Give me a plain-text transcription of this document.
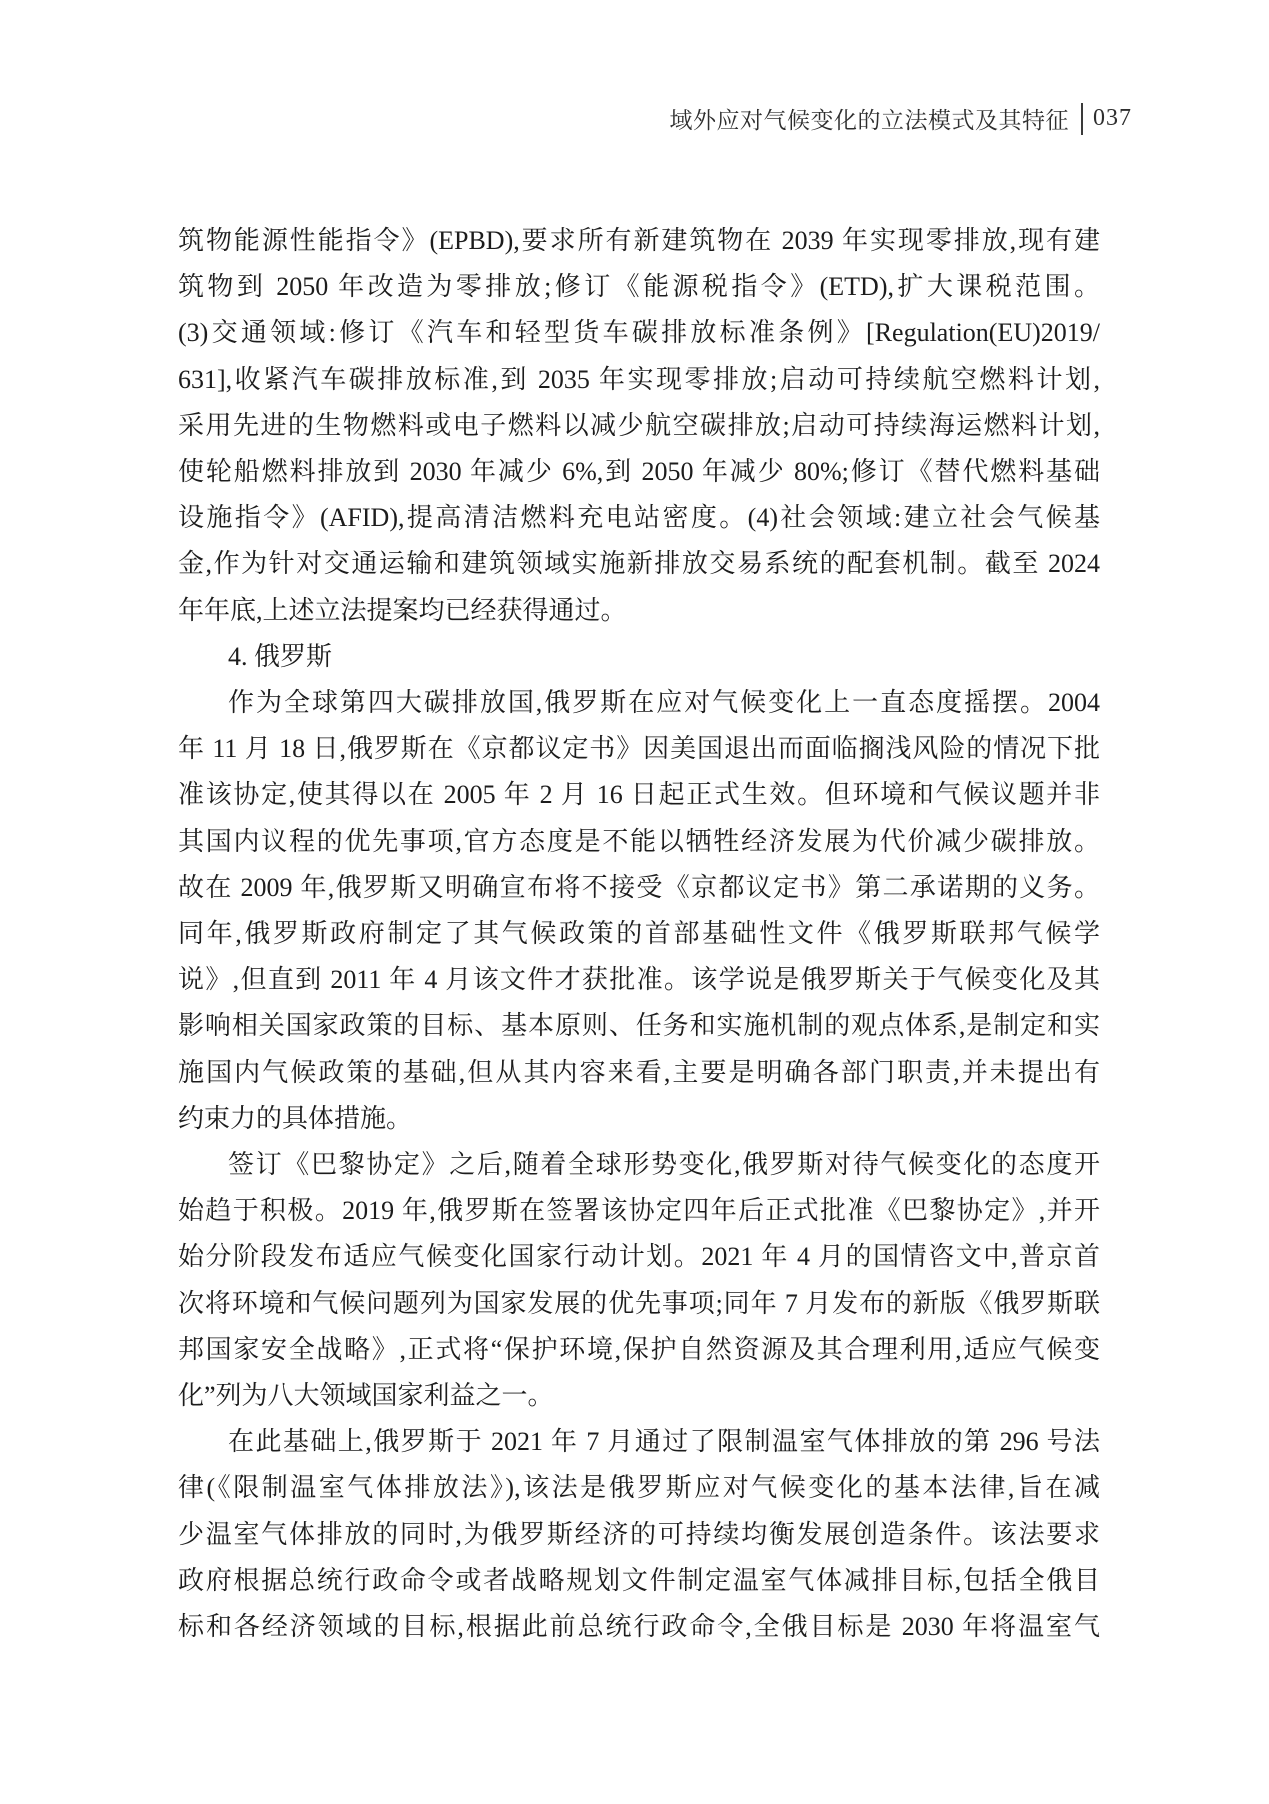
域外应对气候变化的立法模式及其特征 037
筑物能源性能指令》(EPBD),要求所有新建筑物在 2039 年实现零排放,现有建
筑物到 2050 年改造为零排放;修订《能源税指令》(ETD),扩大课税范围。
(3)交通领域:修订《汽车和轻型货车碳排放标准条例》[Regulation(EU)2019/
631],收紧汽车碳排放标准,到 2035 年实现零排放;启动可持续航空燃料计划,
采用先进的生物燃料或电子燃料以减少航空碳排放;启动可持续海运燃料计划,
使轮船燃料排放到 2030 年减少 6%,到 2050 年减少 80%;修订《替代燃料基础
设施指令》(AFID),提高清洁燃料充电站密度。(4)社会领域:建立社会气候基
金,作为针对交通运输和建筑领域实施新排放交易系统的配套机制。截至 2024
年年底,上述立法提案均已经获得通过。
4. 俄罗斯
作为全球第四大碳排放国,俄罗斯在应对气候变化上一直态度摇摆。2004
年 11 月 18 日,俄罗斯在《京都议定书》因美国退出而面临搁浅风险的情况下批
准该协定,使其得以在 2005 年 2 月 16 日起正式生效。但环境和气候议题并非
其国内议程的优先事项,官方态度是不能以牺牲经济发展为代价减少碳排放。
故在 2009 年,俄罗斯又明确宣布将不接受《京都议定书》第二承诺期的义务。
同年,俄罗斯政府制定了其气候政策的首部基础性文件《俄罗斯联邦气候学
说》,但直到 2011 年 4 月该文件才获批准。该学说是俄罗斯关于气候变化及其
影响相关国家政策的目标、基本原则、任务和实施机制的观点体系,是制定和实
施国内气候政策的基础,但从其内容来看,主要是明确各部门职责,并未提出有
约束力的具体措施。
签订《巴黎协定》之后,随着全球形势变化,俄罗斯对待气候变化的态度开
始趋于积极。2019 年,俄罗斯在签署该协定四年后正式批准《巴黎协定》,并开
始分阶段发布适应气候变化国家行动计划。2021 年 4 月的国情咨文中,普京首
次将环境和气候问题列为国家发展的优先事项;同年 7 月发布的新版《俄罗斯联
邦国家安全战略》,正式将“保护环境,保护自然资源及其合理利用,适应气候变
化”列为八大领域国家利益之一。
在此基础上,俄罗斯于 2021 年 7 月通过了限制温室气体排放的第 296 号法
律(《限制温室气体排放法》),该法是俄罗斯应对气候变化的基本法律,旨在减
少温室气体排放的同时,为俄罗斯经济的可持续均衡发展创造条件。该法要求
政府根据总统行政命令或者战略规划文件制定温室气体减排目标,包括全俄目
标和各经济领域的目标,根据此前总统行政命令,全俄目标是 2030 年将温室气
